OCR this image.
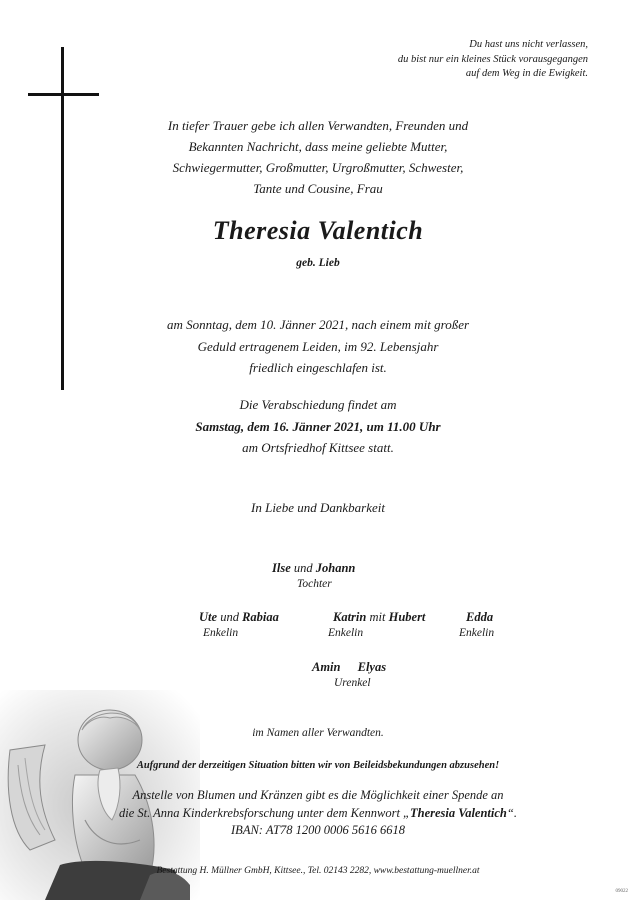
Du hast uns nicht verlassen,
du bist nur ein kleines Stück vorausgegangen
auf dem Weg in die Ewigkeit.
In tiefer Trauer gebe ich allen Verwandten, Freunden und
Bekannten Nachricht, dass meine geliebte Mutter,
Schwiegermutter, Großmutter, Urgroßmutter, Schwester,
Tante und Cousine, Frau
Theresia Valentich
geb. Lieb
am Sonntag, dem 10. Jänner 2021, nach einem mit großer
Geduld ertragenem Leiden, im 92. Lebensjahr
friedlich eingeschlafen ist.
Die Verabschiedung findet am
Samstag, dem 16. Jänner 2021, um 11.00 Uhr
am Ortsfriedhof Kittsee statt.
In Liebe und Dankbarkeit
Ilse und Johann
Tochter
Ute und Rabiaa
Enkelin
Katrin mit Hubert
Enkelin
Edda
Enkelin
Amin Elyas
Urenkel
im Namen aller Verwandten.
Aufgrund der derzeitigen Situation bitten wir von Beileidsbekundungen abzusehen!
Anstelle von Blumen und Kränzen gibt es die Möglichkeit einer Spende an
die St. Anna Kinderkrebsforschung unter dem Kennwort „Theresia Valentich“.
IBAN: AT78 1200 0006 5616 6618
Bestattung H. Müllner GmbH, Kittsee., Tel. 02143 2282, www.bestattung-muellner.at
09022
